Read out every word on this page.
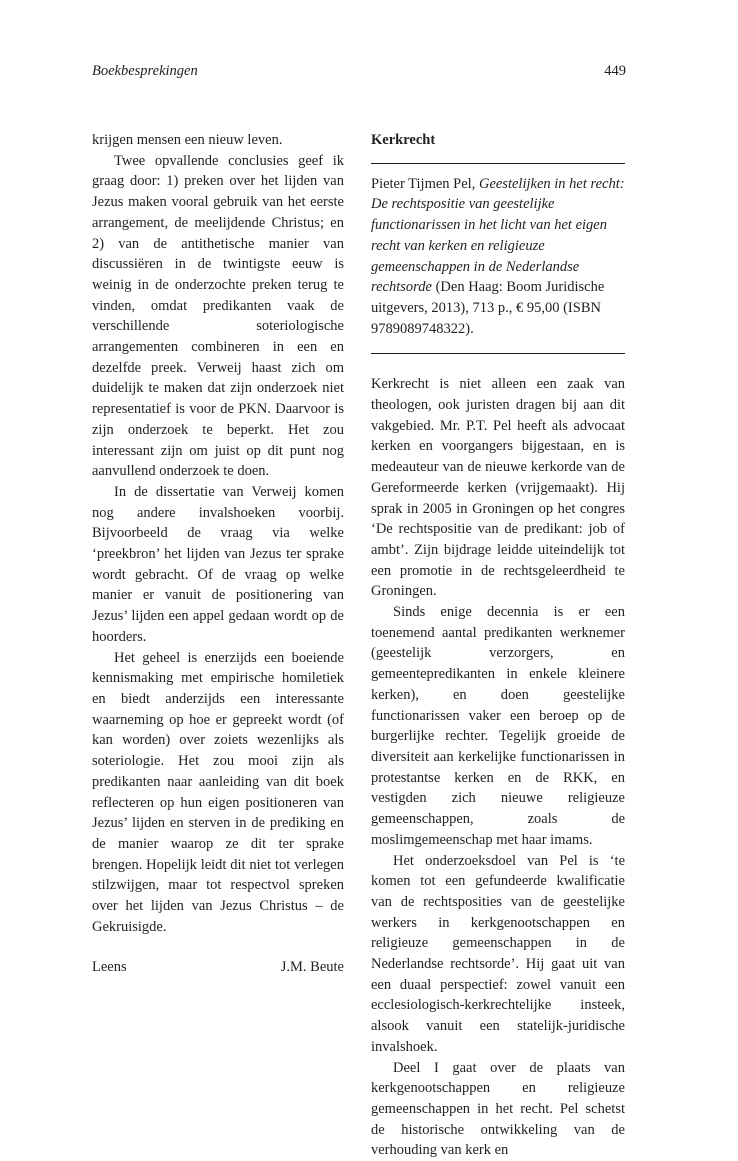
Boekbesprekingen	449

krijgen mensen een nieuw leven.

Twee opvallende conclusies geef ik graag door: 1) preken over het lijden van Jezus maken vooral gebruik van het eerste arrangement, de meelijdende Christus; en 2) van de antithetische manier van discussiëren in de twintigste eeuw is weinig in de onderzochte preken terug te vinden, omdat predikanten vaak de verschillende soteriologische arrangementen combineren in een en dezelfde preek. Verweij haast zich om duidelijk te maken dat zijn onderzoek niet representatief is voor de PKN. Daarvoor is zijn onderzoek te beperkt. Het zou interessant zijn om juist op dit punt nog aanvullend onderzoek te doen.

In de dissertatie van Verweij komen nog andere invalshoeken voorbij. Bijvoorbeeld de vraag via welke ‘preekbron’ het lijden van Jezus ter sprake wordt gebracht. Of de vraag op welke manier er vanuit de positionering van Jezus’ lijden een appel gedaan wordt op de hoorders.

Het geheel is enerzijds een boeiende kennismaking met empirische homiletiek en biedt anderzijds een interessante waarneming op hoe er gepreekt wordt (of kan worden) over zoiets wezenlijks als soteriologie. Het zou mooi zijn als predikanten naar aanleiding van dit boek reflecteren op hun eigen positioneren van Jezus’ lijden en sterven in de prediking en de manier waarop ze dit ter sprake brengen. Hopelijk leidt dit niet tot verlegen stilzwijgen, maar tot respectvol spreken over het lijden van Jezus Christus – de Gekruisigde.

Leens	J.M. Beute

Kerkrecht

Pieter Tijmen Pel, Geestelijken in het recht: De rechtspositie van geestelijke functionarissen in het licht van het eigen recht van kerken en religieuze gemeenschappen in de Nederlandse rechtsorde (Den Haag: Boom Juridische uitgevers, 2013), 713 p., € 95,00 (ISBN 9789089748322).

Kerkrecht is niet alleen een zaak van theologen, ook juristen dragen bij aan dit vakgebied. Mr. P.T. Pel heeft als advocaat kerken en voorgangers bijgestaan, en is medeauteur van de nieuwe kerkorde van de Gereformeerde kerken (vrijgemaakt). Hij sprak in 2005 in Groningen op het congres ‘De rechtspositie van de predikant: job of ambt’. Zijn bijdrage leidde uiteindelijk tot een promotie in de rechtsgeleerdheid te Groningen.

Sinds enige decennia is er een toenemend aantal predikanten werknemer (geestelijk verzorgers, en gemeentepredikanten in enkele kleinere kerken), en doen geestelijke functionarissen vaker een beroep op de burgerlijke rechter. Tegelijk groeide de diversiteit aan kerkelijke functionarissen in protestantse kerken en de RKK, en vestigden zich nieuwe religieuze gemeenschappen, zoals de moslimgemeenschap met haar imams.

Het onderzoeksdoel van Pel is ‘te komen tot een gefundeerde kwalificatie van de rechtsposities van de geestelijke werkers in kerkgenootschappen en religieuze gemeenschappen in de Nederlandse rechtsorde’. Hij gaat uit van een duaal perspectief: zowel vanuit een ecclesiologisch-kerkrechtelijke insteek, alsook vanuit een statelijk-juridische invalshoek.

Deel I gaat over de plaats van kerkgenootschappen en religieuze gemeenschappen in het recht. Pel schetst de historische ontwikkeling van de verhouding van kerk en
